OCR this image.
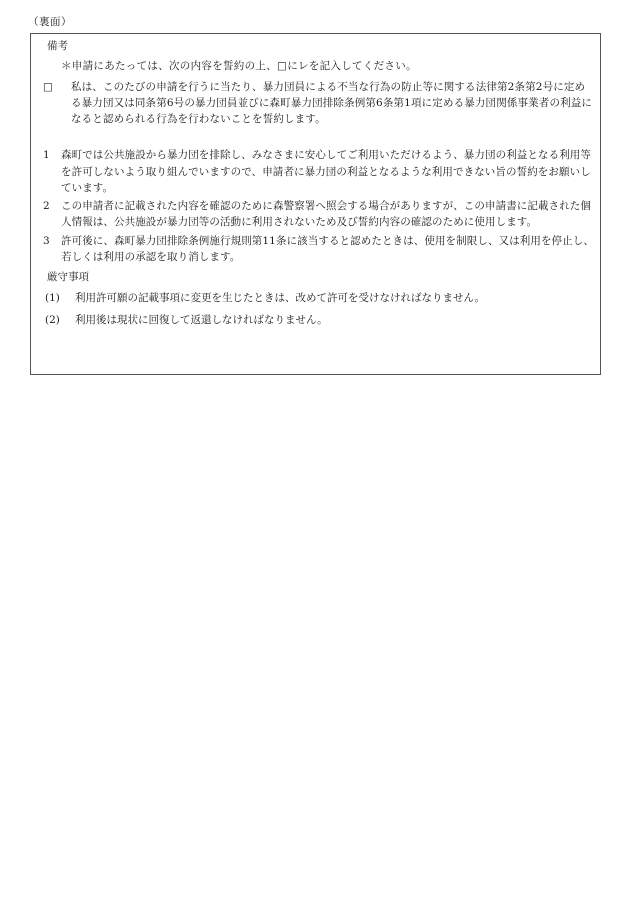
（裏面）
備考
＊申請にあたっては、次の内容を誓約の上、□にレを記入してください。
□	私は、このたびの申請を行うに当たり、暴力団員による不当な行為の防止等に関する法律第2条第2号に定める暴力団又は同条第6号の暴力団員並びに森町暴力団排除条例第6条第1項に定める暴力団関係事業者の利益になると認められる行為を行わないことを誓約します。
1	森町では公共施設から暴力団を排除し、みなさまに安心してご利用いただけるよう、暴力団の利益となる利用等を許可しないよう取り組んでいますので、申請者に暴力団の利益となるような利用できない旨の誓約をお願いしています。
2	この申請者に記載された内容を確認のために森警察署へ照会する場合がありますが、この申請書に記載された個人情報は、公共施設が暴力団等の活動に利用されないため及び誓約内容の確認のために使用します。
3	許可後に、森町暴力団排除条例施行規則第11条に該当すると認めたときは、使用を制限し、又は利用を停止し、若しくは利用の承認を取り消します。
厳守事項
(1)	利用許可願の記載事項に変更を生じたときは、改めて許可を受けなければなりません。
(2)	利用後は現状に回復して返還しなければなりません。
